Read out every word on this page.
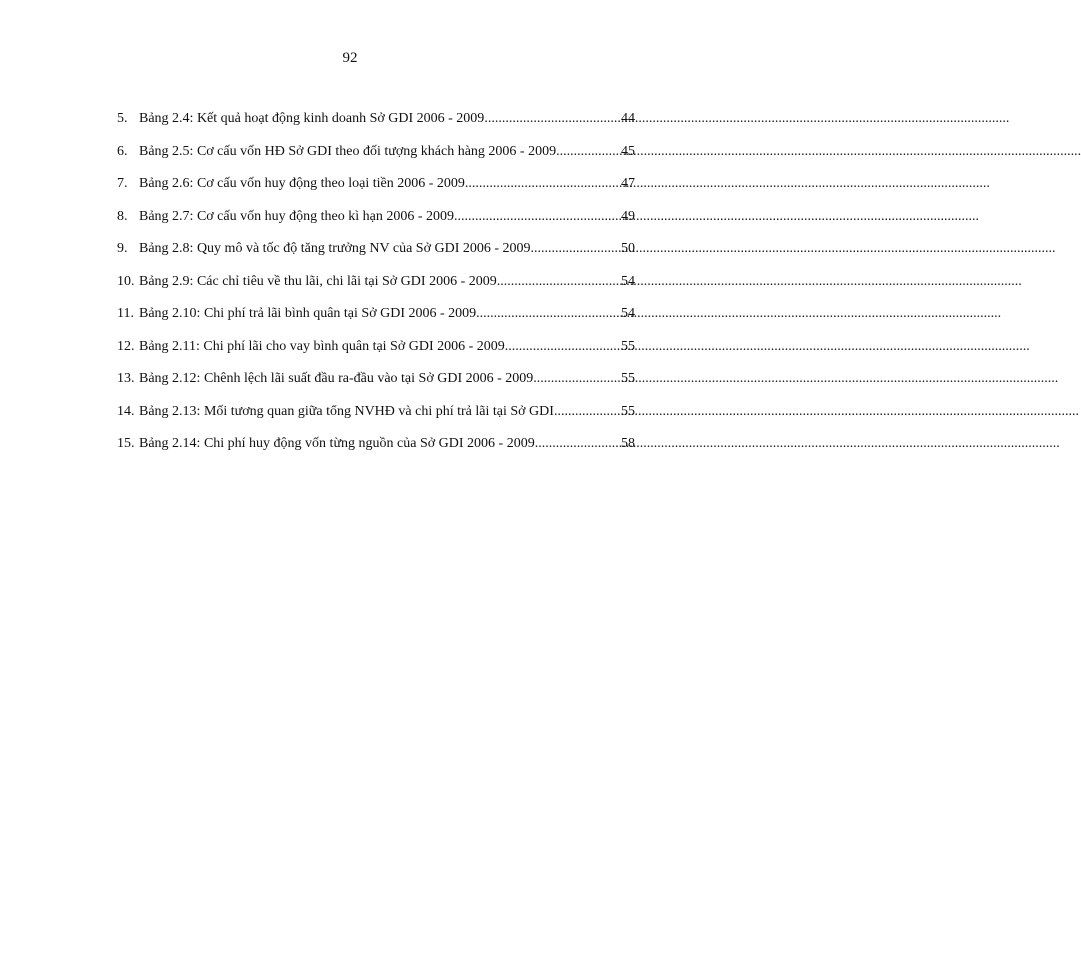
92
5. Bảng 2.4: Kết quả hoạt động kinh doanh Sở GDI 2006 - 2009 .....	44
6. Bảng 2.5: Cơ cấu vốn HĐ Sở GDI theo đối tượng khách hàng 2006 - 2009 .....	45
7. Bảng 2.6: Cơ cấu vốn huy động theo loại tiền 2006 - 2009 .....	47
8. Bảng 2.7: Cơ cấu vốn huy động theo kì hạn 2006 - 2009 .....	49
9. Bảng 2.8: Quy mô và tốc độ tăng trưởng NV của Sở GDI 2006 - 2009 .....	50
10. Bảng 2.9: Các chỉ tiêu về thu lãi, chi lãi tại Sở GDI 2006 - 2009 .....	54
11. Bảng 2.10: Chi phí trả lãi bình quân tại Sở GDI 2006 - 2009 .....	54
12. Bảng 2.11: Chi phí lãi cho vay bình quân tại Sở GDI 2006 - 2009 .....	55
13. Bảng 2.12: Chênh lệch lãi suất đầu ra-đầu vào tại Sở GDI 2006 - 2009 .....	55
14. Bảng 2.13: Mối tương quan giữa tổng NVHĐ và chi phí trả lãi tại Sở GDI .....	55
15. Bảng 2.14: Chi phí huy động vốn từng nguồn của Sở GDI 2006 - 2009 .....	58
